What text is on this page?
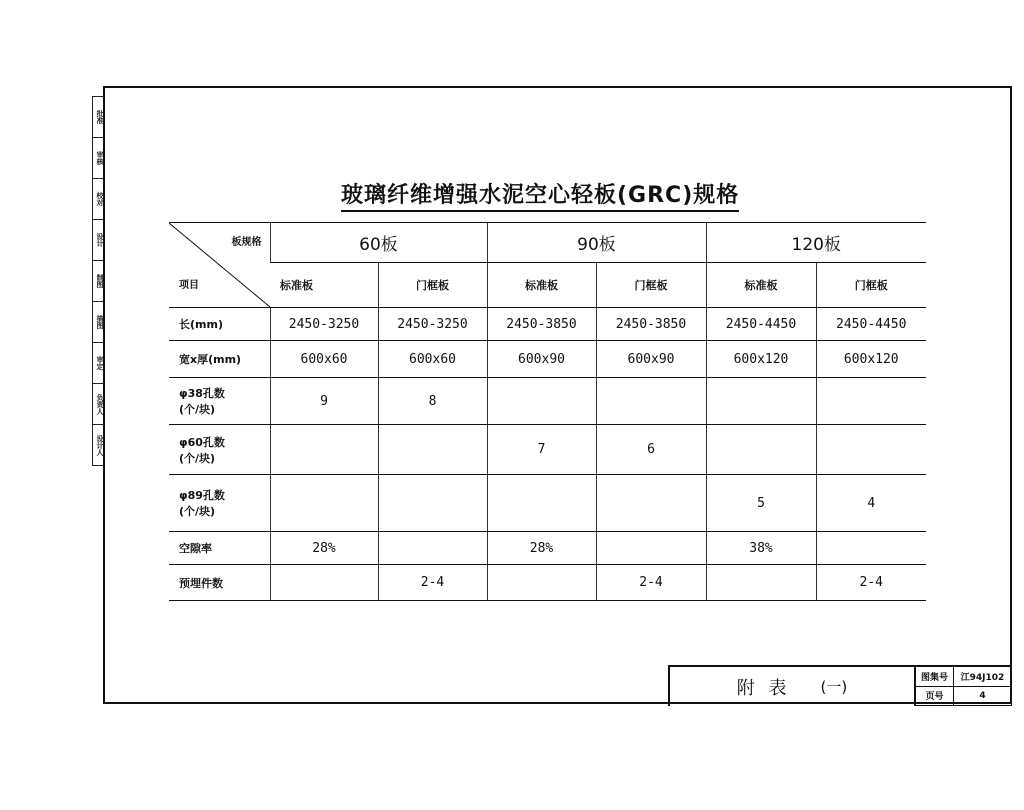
批准
审核
校对
设计
制图
描图
审定
负责人
设计人
玻璃纤维增强水泥空心轻板(GRC)规格
板规格
项目	60板		90板		120板	
	标准板	门框板	标准板	门框板	标准板	门框板
长(mm)	2450-3250	2450-3250	2450-3850	2450-3850	2450-4450	2450-4450
宽x厚(mm)	600x60	600x60	600x90	600x90	600x120	600x120
φ38孔数
(个/块)	9	8				
φ60孔数
(个/块)			7	6		
φ89孔数
(个/块)					5	4
空隙率	28%		28%		38%	
预埋件数		2-4		2-4		2-4
附 表 (一)
图集号	江94J102
页号	4
